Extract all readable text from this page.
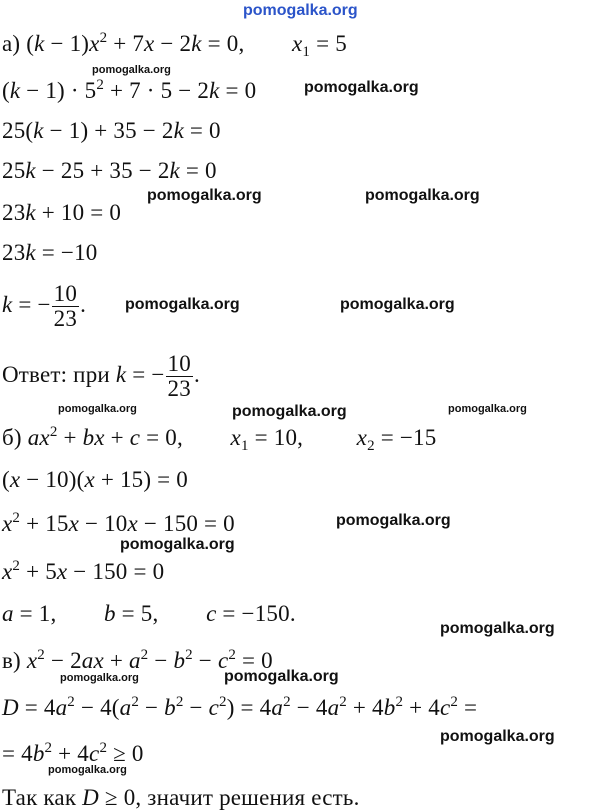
pomogalka.org
а) $(k - 1)x^2 + 7x - 2k = 0$,        $x_1 = 5$
$(k - 1) \cdot 5^2 + 7 \cdot 5 - 2k = 0$
25(k − 1) + 35 − 2k = 0
25k − 25 + 35 − 2k = 0
23k + 10 = 0
23k = −10
k = − $\frac{10}{23}$ .
Ответ: при k = − $\frac{10}{23}$ .
б) $ax^2$ + bx + c = 0,        $x_1 = 10$,         $x_2 = -15$
(x − 10)(x + 15) = 0
$x^2 + 15x - 10x - 150 = 0$
$x^2 + 5x - 150 = 0$
a = 1,        b = 5,        c = −150.
в) $x^2 - 2ax + a^2 - b^2 - c^2 = 0$
$D = 4a^2 - 4(a^2 - b^2 - c^2) = 4a^2 - 4a^2 + 4b^2 + 4c^2$ =
= $4b^2 + 4c^2 \ge 0$
Так как D ≥ 0, значит решения есть.
pomogalka.org
pomogalka.org
pomogalka.org	pomogalka.org
pomogalka.org	pomogalka.org
pomogalka.org	pomogalka.org	pomogalka.org
pomogalka.org
pomogalka.org
pomogalka.org
pomogalka.org
pomogalka.org
pomogalka.org
pomogalka.org
